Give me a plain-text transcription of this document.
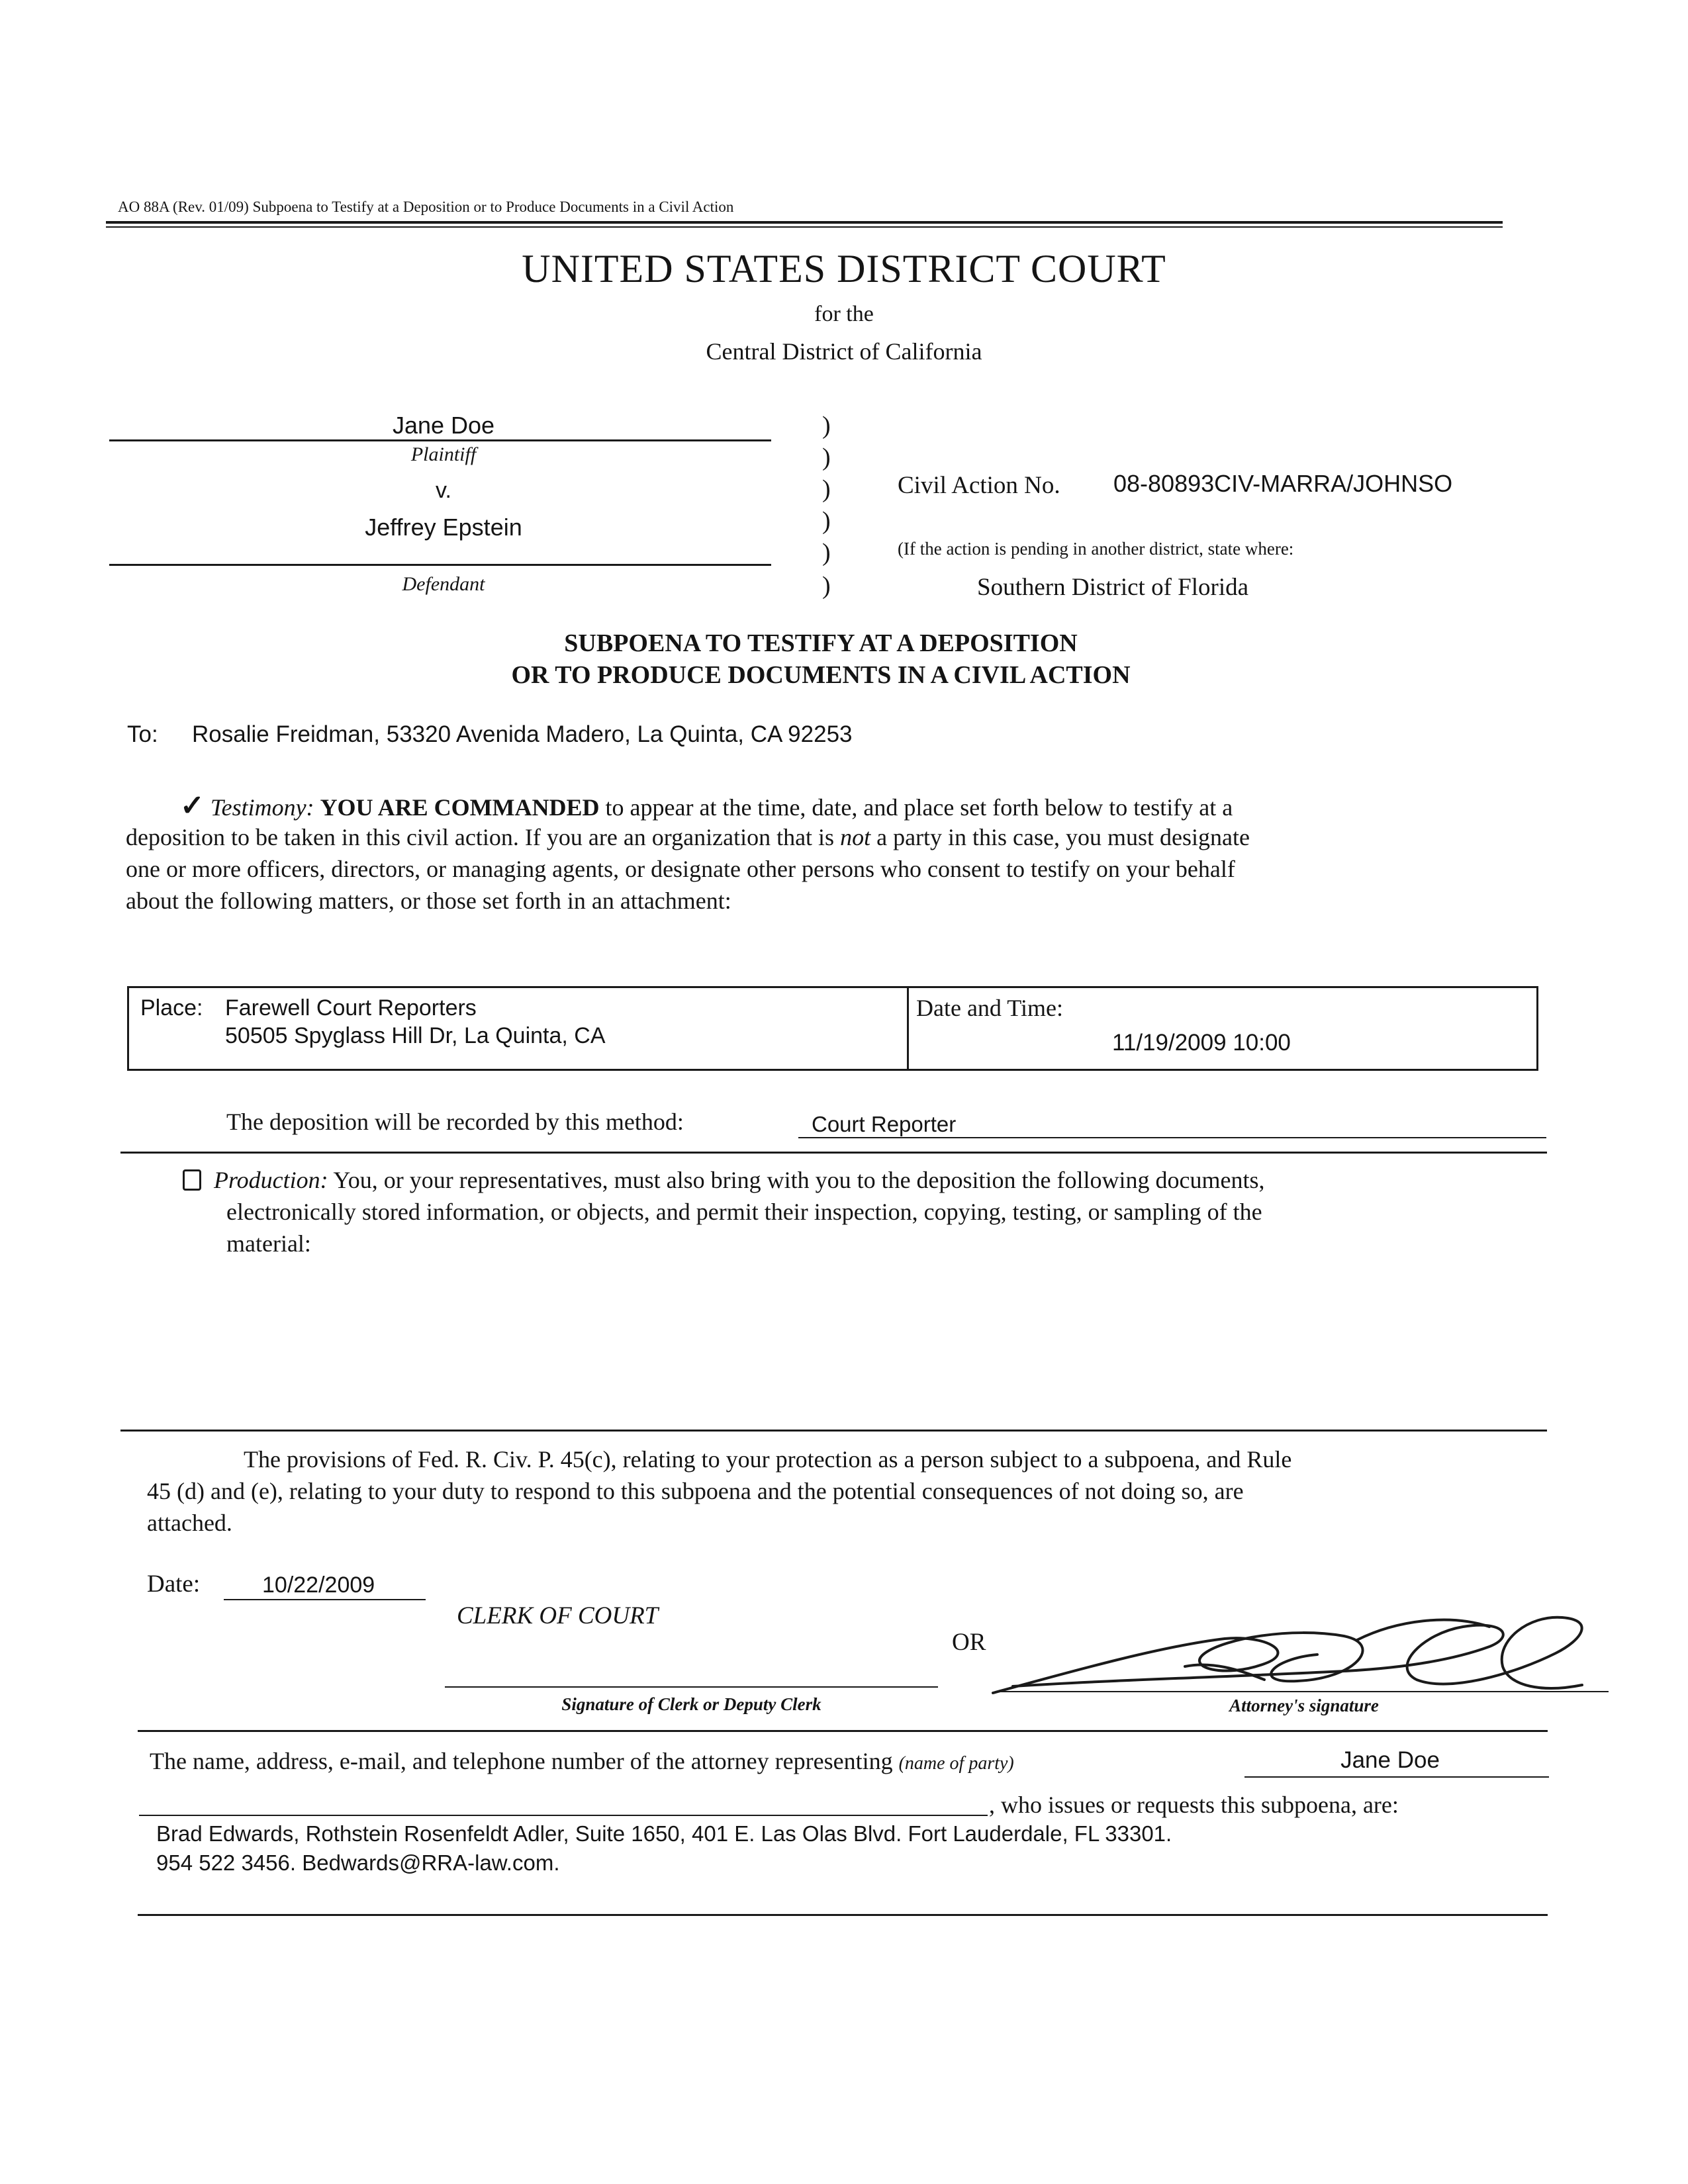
AO 88A (Rev. 01/09) Subpoena to Testify at a Deposition or to Produce Documents in a Civil Action
UNITED STATES DISTRICT COURT
for the
Central District of California
Jane Doe
Plaintiff
v.
Jeffrey Epstein
Defendant
)
)
)
)
)
)
Civil Action No. 08-80893CIV-MARRA/JOHNSO
(If the action is pending in another district, state where:
Southern District of Florida
SUBPOENA TO TESTIFY AT A DEPOSITION
OR TO PRODUCE DOCUMENTS IN A CIVIL ACTION
To: Rosalie Freidman, 53320 Avenida Madero, La Quinta, CA 92253
✓ Testimony: YOU ARE COMMANDED to appear at the time, date, and place set forth below to testify at a
deposition to be taken in this civil action. If you are an organization that is not a party in this case, you must designate
one or more officers, directors, or managing agents, or designate other persons who consent to testify on your behalf
about the following matters, or those set forth in an attachment:
Place: Farewell Court Reporters
50505 Spyglass Hill Dr, La Quinta, CA
Date and Time:
11/19/2009 10:00
The deposition will be recorded by this method:	Court Reporter
Production: You, or your representatives, must also bring with you to the deposition the following documents,
electronically stored information, or objects, and permit their inspection, copying, testing, or sampling of the
material:
The provisions of Fed. R. Civ. P. 45(c), relating to your protection as a person subject to a subpoena, and Rule
45 (d) and (e), relating to your duty to respond to this subpoena and the potential consequences of not doing so, are
attached.
Date:	10/22/2009
CLERK OF COURT
OR
Signature of Clerk or Deputy Clerk	Attorney's signature
The name, address, e-mail, and telephone number of the attorney representing (name of party)	Jane Doe
, who issues or requests this subpoena, are:
Brad Edwards, Rothstein Rosenfeldt Adler, Suite 1650, 401 E. Las Olas Blvd. Fort Lauderdale, FL 33301.
954 522 3456. Bedwards@RRA-law.com.
